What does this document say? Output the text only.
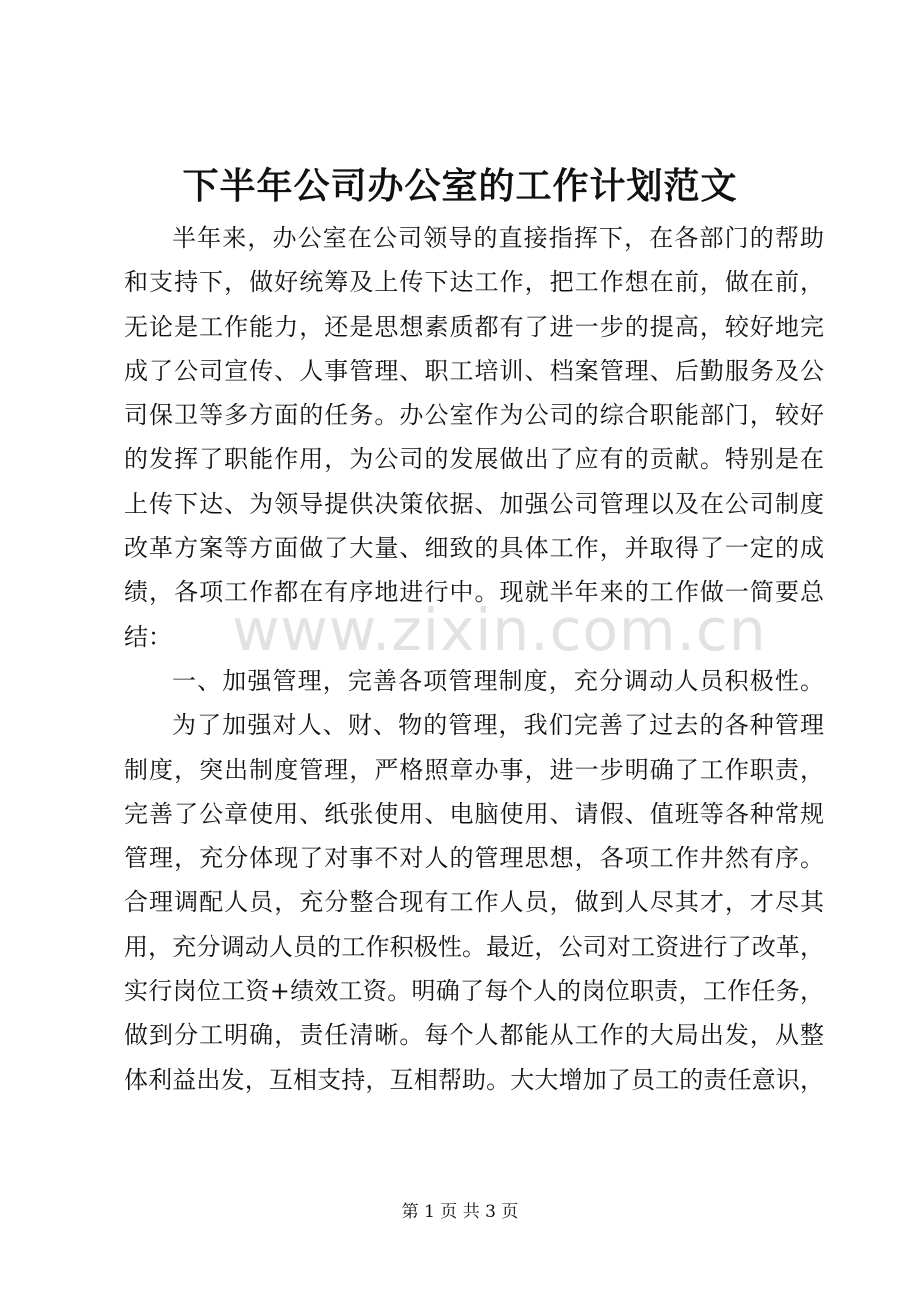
下半年公司办公室的工作计划范文
半年来，办公室在公司领导的直接指挥下，在各部门的帮助
和支持下，做好统筹及上传下达工作，把工作想在前，做在前，
无论是工作能力，还是思想素质都有了进一步的提高，较好地完
成了公司宣传、人事管理、职工培训、档案管理、后勤服务及公
司保卫等多方面的任务。办公室作为公司的综合职能部门，较好
的发挥了职能作用，为公司的发展做出了应有的贡献。特别是在
上传下达、为领导提供决策依据、加强公司管理以及在公司制度
改革方案等方面做了大量、细致的具体工作，并取得了一定的成
绩，各项工作都在有序地进行中。现就半年来的工作做一简要总
结：
一、加强管理，完善各项管理制度，充分调动人员积极性。
为了加强对人、财、物的管理，我们完善了过去的各种管理
制度，突出制度管理，严格照章办事，进一步明确了工作职责，
完善了公章使用、纸张使用、电脑使用、请假、值班等各种常规
管理，充分体现了对事不对人的管理思想，各项工作井然有序。
合理调配人员，充分整合现有工作人员，做到人尽其才，才尽其
用，充分调动人员的工作积极性。最近，公司对工资进行了改革，
实行岗位工资+绩效工资。明确了每个人的岗位职责，工作任务，
做到分工明确，责任清晰。每个人都能从工作的大局出发，从整
体利益出发，互相支持，互相帮助。大大增加了员工的责任意识，
www.zixin.com.cn
第 1 页 共 3 页
